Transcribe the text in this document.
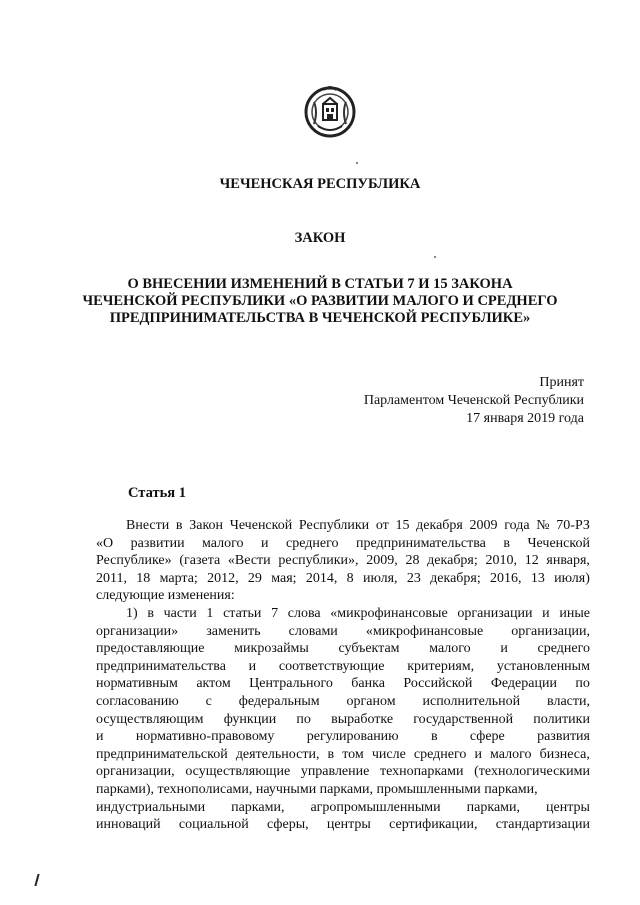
ЧЕЧЕНСКАЯ РЕСПУБЛИКА
ЗАКОН
О ВНЕСЕНИИ ИЗМЕНЕНИЙ В СТАТЬИ 7 И 15 ЗАКОНА
ЧЕЧЕНСКОЙ РЕСПУБЛИКИ «О РАЗВИТИИ МАЛОГО И СРЕДНЕГО
ПРЕДПРИНИМАТЕЛЬСТВА В ЧЕЧЕНСКОЙ РЕСПУБЛИКЕ»
Принят
Парламентом Чеченской Республики
17 января 2019 года
Статья 1
Внести в Закон Чеченской Республики от 15 декабря 2009 года № 70-РЗ
«О развитии малого и среднего предпринимательства в Чеченской
Республике» (газета «Вести республики», 2009, 28 декабря; 2010, 12 января,
2011, 18 марта; 2012, 29 мая; 2014, 8 июля, 23 декабря; 2016, 13 июля)
следующие изменения:
1) в части 1 статьи 7 слова «микрофинансовые организации и иные
организации» заменить словами «микрофинансовые организации,
предоставляющие микрозаймы субъектам малого и среднего
предпринимательства и соответствующие критериям, установленным
нормативным актом Центрального банка Российской Федерации по
согласованию с федеральным органом исполнительной власти,
осуществляющим функции по выработке государственной политики
и нормативно-правовому регулированию в сфере развития
предпринимательской деятельности, в том числе среднего и малого бизнеса,
организации, осуществляющие управление технопарками (технологическими
парками), технополисами, научными парками, промышленными парками,
индустриальными парками, агропромышленными парками, центры
инноваций социальной сферы, центры сертификации, стандартизации
